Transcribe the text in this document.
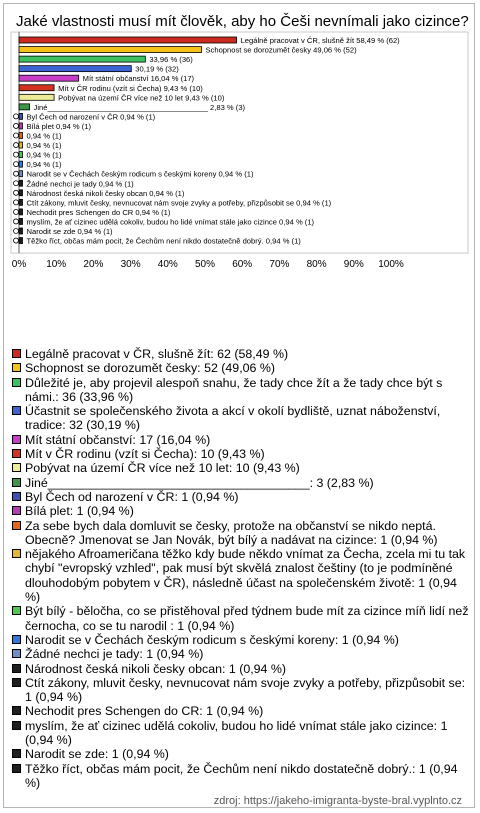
Jaké vlastnosti musí mít člověk, aby ho Češi nevnímali jako cizince?
Legálně pracovat v ČR, slušně žít 58,49 % (62)
Schopnost se dorozumět česky 49,06 % (52)
33,96 % (36)
30,19 % (32)
Mít státní občanství 16,04 % (17)
Mít v ČR rodinu (vzít si Čecha) 9,43 % (10)
Pobývat na území ČR více než 10 let 9,43 % (10)
Jiné______________________________________ 2,83 % (3)
Byl Čech od narození v ČR 0,94 % (1)
Bílá plet 0,94 % (1)
0,94 % (1)
0,94 % (1)
0,94 % (1)
0,94 % (1)
Narodit se v Čechách českým rodicum s českými koreny 0,94 % (1)
Žádné nechci je tady 0,94 % (1)
Národnost česká nikoli česky obcan 0,94 % (1)
Ctít zákony, mluvit česky, nevnucovat nám svoje zvyky a potřeby, přizpůsobit se 0,94 % (1)
Nechodit pres Schengen do CR 0,94 % (1)
myslím, že ať cizinec udělá cokoliv, budou ho lidé vnímat stále jako cizince 0,94 % (1)
Narodit se zde 0,94 % (1)
Těžko říct, občas mám pocit, že Čechům není nikdo dostatečně dobrý. 0,94 % (1)
0% 10% 20% 30% 40% 50% 60% 70% 80% 90% 100%
Legálně pracovat v ČR, slušně žít: 62 (58,49 %)
Schopnost se dorozumět česky: 52 (49,06 %)
Důležité je, aby projevil alespoň snahu, že tady chce žít a že tady chce být s námi.: 36 (33,96 %)
Účastnit se společenského života a akcí v okolí bydliště, uznat náboženství, tradice: 32 (30,19 %)
Mít státní občanství: 17 (16,04 %)
Mít v ČR rodinu (vzít si Čecha): 10 (9,43 %)
Pobývat na území ČR více než 10 let: 10 (9,43 %)
Jiné______________________________________: 3 (2,83 %)
Byl Čech od narození v ČR: 1 (0,94 %)
Bílá plet: 1 (0,94 %)
Za sebe bych dala domluvit se česky, protože na občanství se nikdo neptá. Obecně? Jmenovat se Jan Novák, být bílý a nadávat na cizince: 1 (0,94 %)
nějakého Afroameričana těžko kdy bude někdo vnímat za Čecha, zcela mi tu tak chybí "evropský vzhled", pak musí být skvělá znalost češtiny (to je podmíněné dlouhodobým pobytem v ČR), následně účast na společenském životě: 1 (0,94 %)
Být bílý - běločha, co se přistěhoval před týdnem bude mít za cizince míň lidí než černocha, co se tu narodil : 1 (0,94 %)
Narodit se v Čechách českým rodicum s českými koreny: 1 (0,94 %)
Žádné nechci je tady: 1 (0,94 %)
Národnost česká nikoli česky obcan: 1 (0,94 %)
Ctít zákony, mluvit česky, nevnucovat nám svoje zvyky a potřeby, přizpůsobit se: 1 (0,94 %)
Nechodit pres Schengen do CR: 1 (0,94 %)
myslím, že ať cizinec udělá cokoliv, budou ho lidé vnímat stále jako cizince: 1 (0,94 %)
Narodit se zde: 1 (0,94 %)
Těžko říct, občas mám pocit, že Čechům není nikdo dostatečně dobrý.: 1 (0,94 %)
zdroj: https://jakeho-imigranta-byste-bral.vyplnto.cz
